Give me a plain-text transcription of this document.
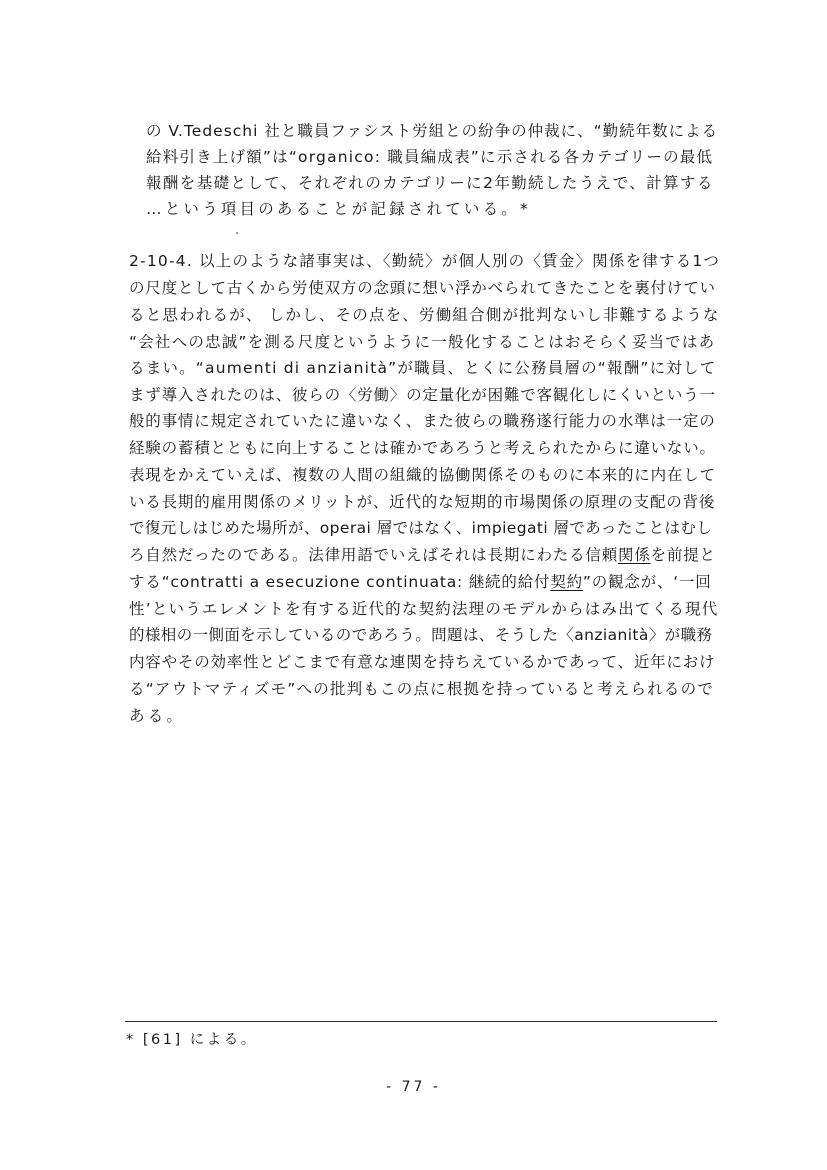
の V.Tedeschi 社と職員ファシスト労組との紛争の仲裁に、“勤続年数による
給料引き上げ額”は“organico: 職員編成表”に示される各カテゴリーの最低
報酬を基礎として、それぞれのカテゴリーに2年勤続したうえで、計算する
…という項目のあることが記録されている。*
2-10-4. 以上のような諸事実は、〈勤続〉が個人別の〈賃金〉関係を律する1つ
の尺度として古くから労使双方の念頭に想い浮かべられてきたことを裏付けてい
ると思われるが、 しかし、その点を、労働組合側が批判ないし非難するような
“会社への忠誠”を測る尺度というように一般化することはおそらく妥当ではあ
るまい。“aumenti di anzianità”が職員、とくに公務員層の“報酬”に対して
まず導入されたのは、彼らの〈労働〉の定量化が困難で客観化しにくいという一
般的事情に規定されていたに違いなく、また彼らの職務遂行能力の水準は一定の
経験の蓄積とともに向上することは確かであろうと考えられたからに違いない。
表現をかえていえば、複数の人間の組織的協働関係そのものに本来的に内在して
いる長期的雇用関係のメリットが、近代的な短期的市場関係の原理の支配の背後
で復元しはじめた場所が、operai 層ではなく、impiegati 層であったことはむし
ろ自然だったのである。法律用語でいえばそれは長期にわたる信頼関係を前提と
する“contratti a esecuzione continuata: 継続的給付契約”の観念が、‘一回
性’というエレメントを有する近代的な契約法理のモデルからはみ出てくる現代
的様相の一側面を示しているのであろう。問題は、そうした〈anzianità〉が職務
内容やその効率性とどこまで有意な連関を持ちえているかであって、近年におけ
る“アウトマティズモ”への批判もこの点に根拠を持っていると考えられるので
ある。
* [61] による。
- 77 -
